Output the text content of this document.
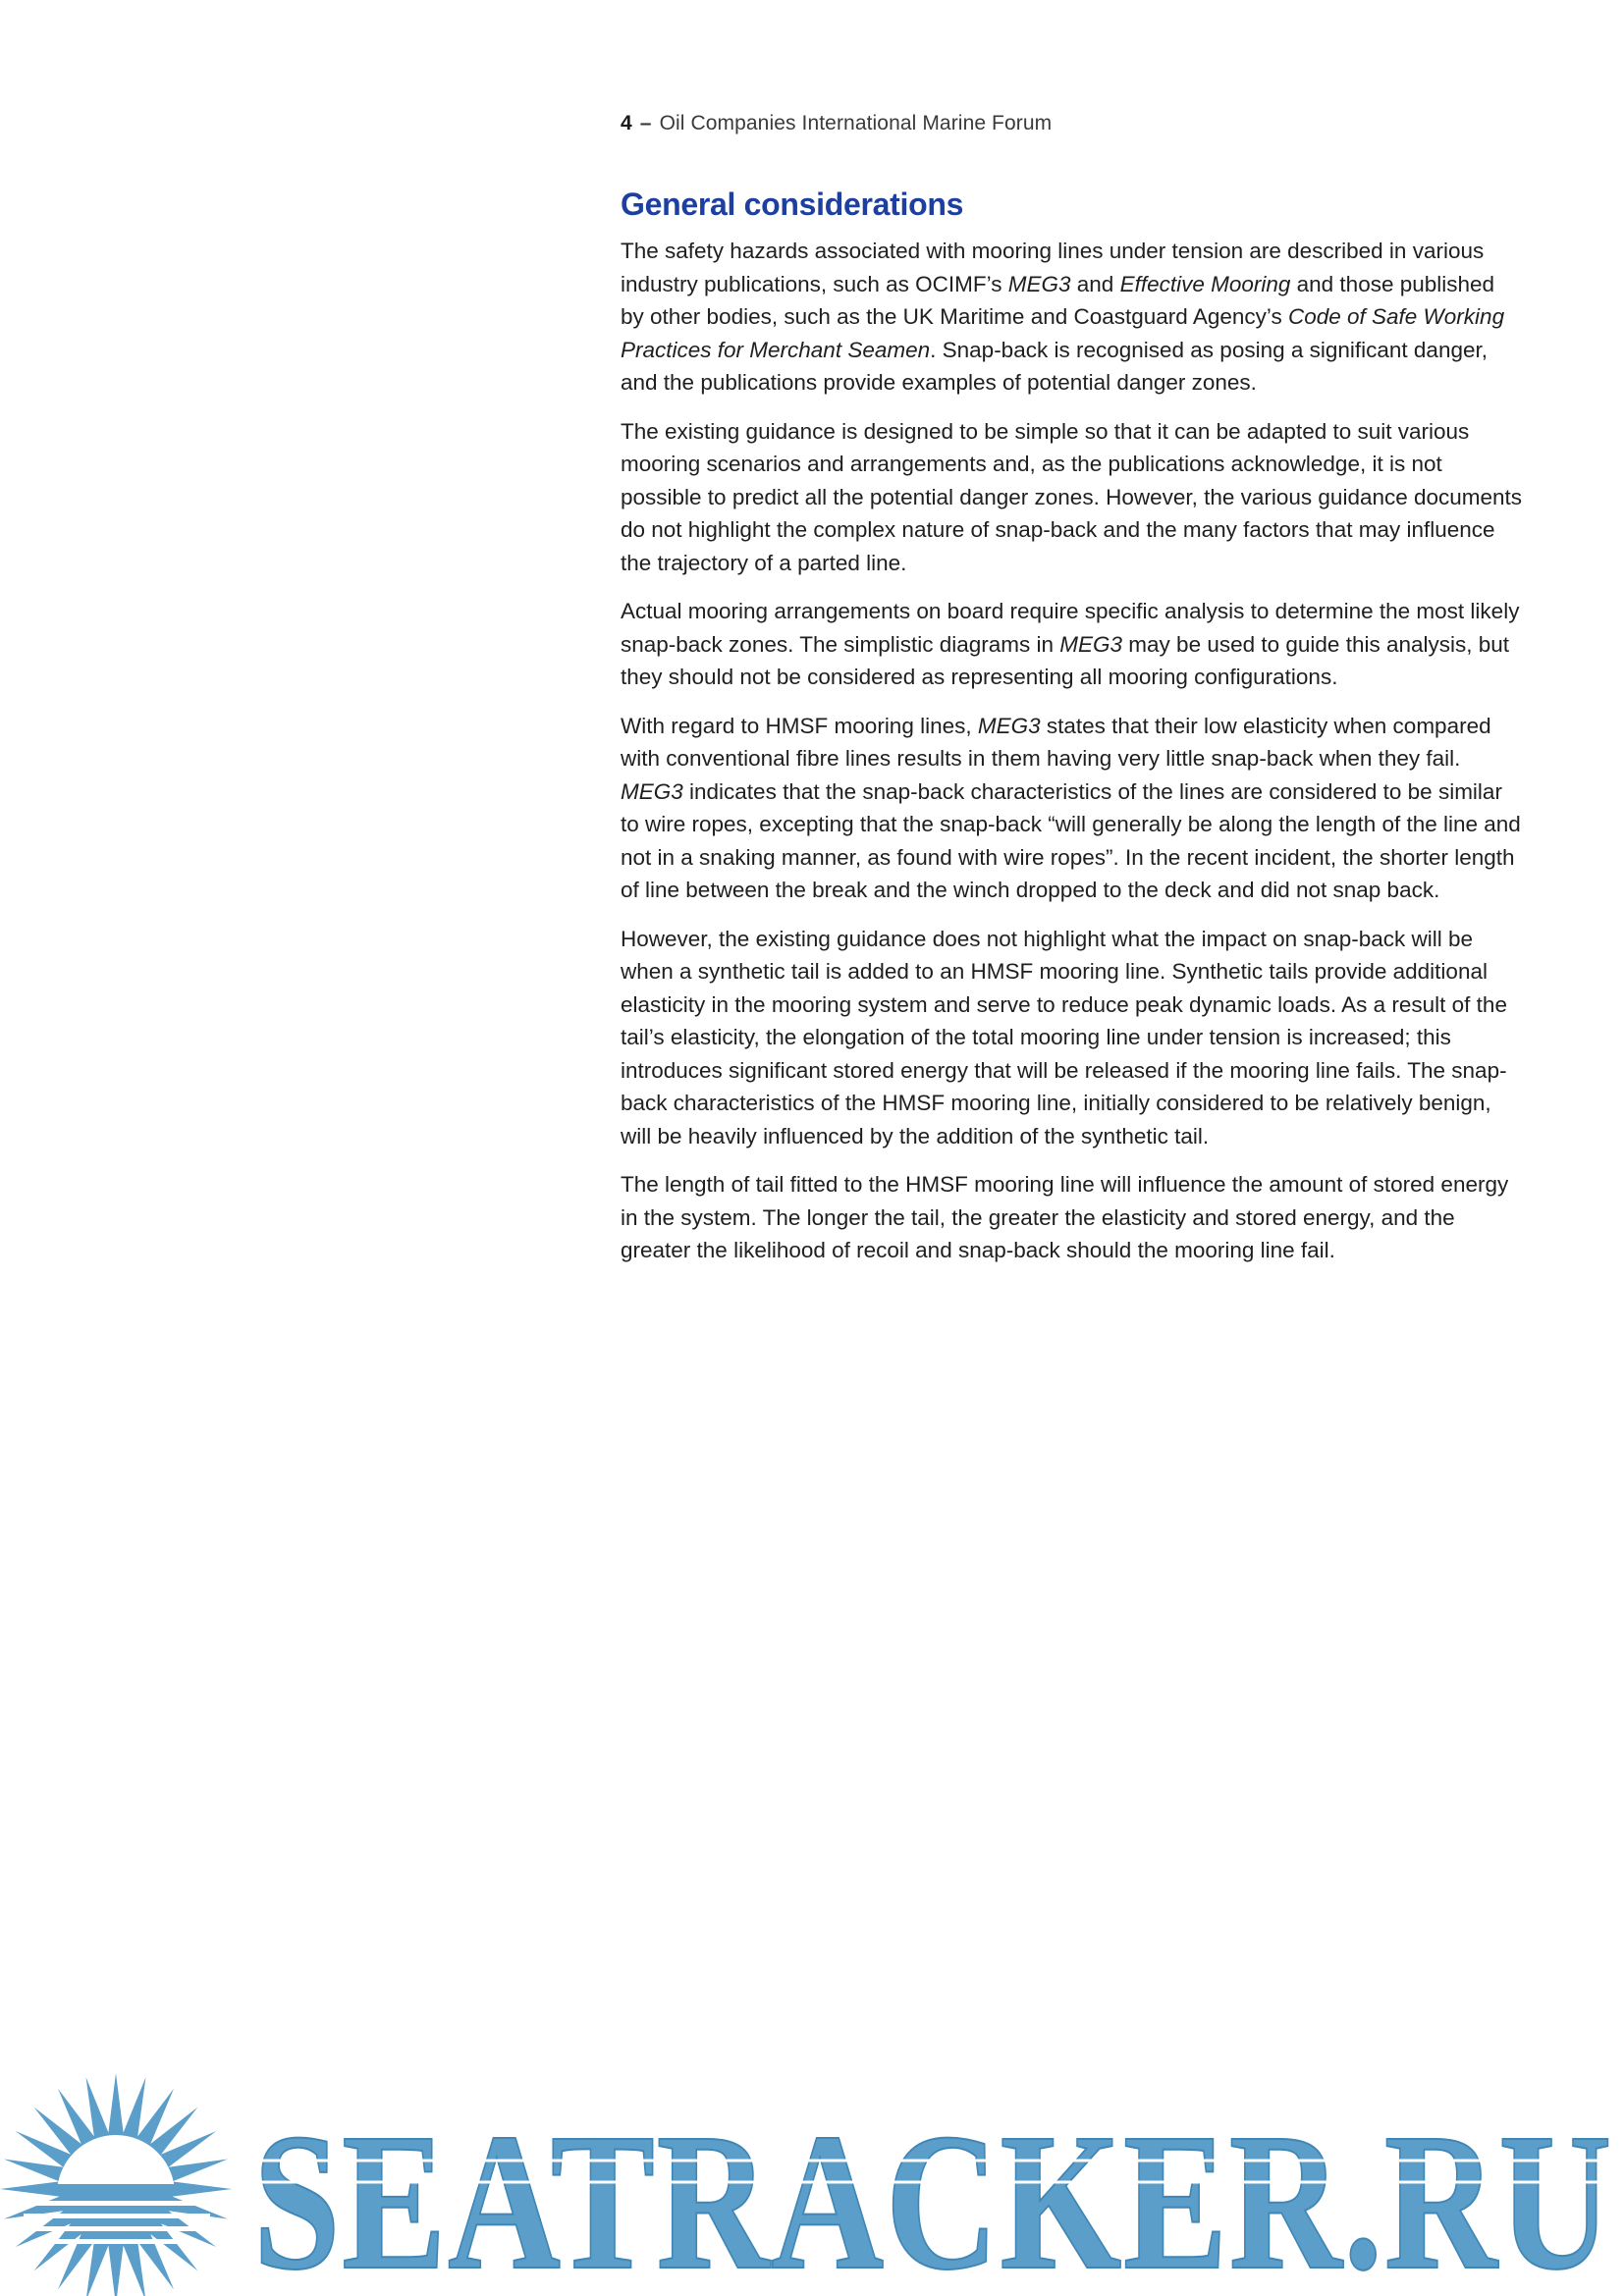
4 – Oil Companies International Marine Forum
General considerations

The safety hazards associated with mooring lines under tension are described in various industry publications, such as OCIMF’s MEG3 and Effective Mooring and those published by other bodies, such as the UK Maritime and Coastguard Agency’s Code of Safe Working Practices for Merchant Seamen. Snap-back is recognised as posing a significant danger, and the publications provide examples of potential danger zones.

The existing guidance is designed to be simple so that it can be adapted to suit various mooring scenarios and arrangements and, as the publications acknowledge, it is not possible to predict all the potential danger zones. However, the various guidance documents do not highlight the complex nature of snap-back and the many factors that may influence the trajectory of a parted line.

Actual mooring arrangements on board require specific analysis to determine the most likely snap-back zones. The simplistic diagrams in MEG3 may be used to guide this analysis, but they should not be considered as representing all mooring configurations.

With regard to HMSF mooring lines, MEG3 states that their low elasticity when compared with conventional fibre lines results in them having very little snap-back when they fail. MEG3 indicates that the snap-back characteristics of the lines are considered to be similar to wire ropes, excepting that the snap-back “will generally be along the length of the line and not in a snaking manner, as found with wire ropes”. In the recent incident, the shorter length of line between the break and the winch dropped to the deck and did not snap back.

However, the existing guidance does not highlight what the impact on snap-back will be when a synthetic tail is added to an HMSF mooring line. Synthetic tails provide additional elasticity in the mooring system and serve to reduce peak dynamic loads. As a result of the tail’s elasticity, the elongation of the total mooring line under tension is increased; this introduces significant stored energy that will be released if the mooring line fails. The snap-back characteristics of the HMSF mooring line, initially considered to be relatively benign, will be heavily influenced by the addition of the synthetic tail.

The length of tail fitted to the HMSF mooring line will influence the amount of stored energy in the system. The longer the tail, the greater the elasticity and stored energy, and the greater the likelihood of recoil and snap-back should the mooring line fail.

SEATRACKER.RU
